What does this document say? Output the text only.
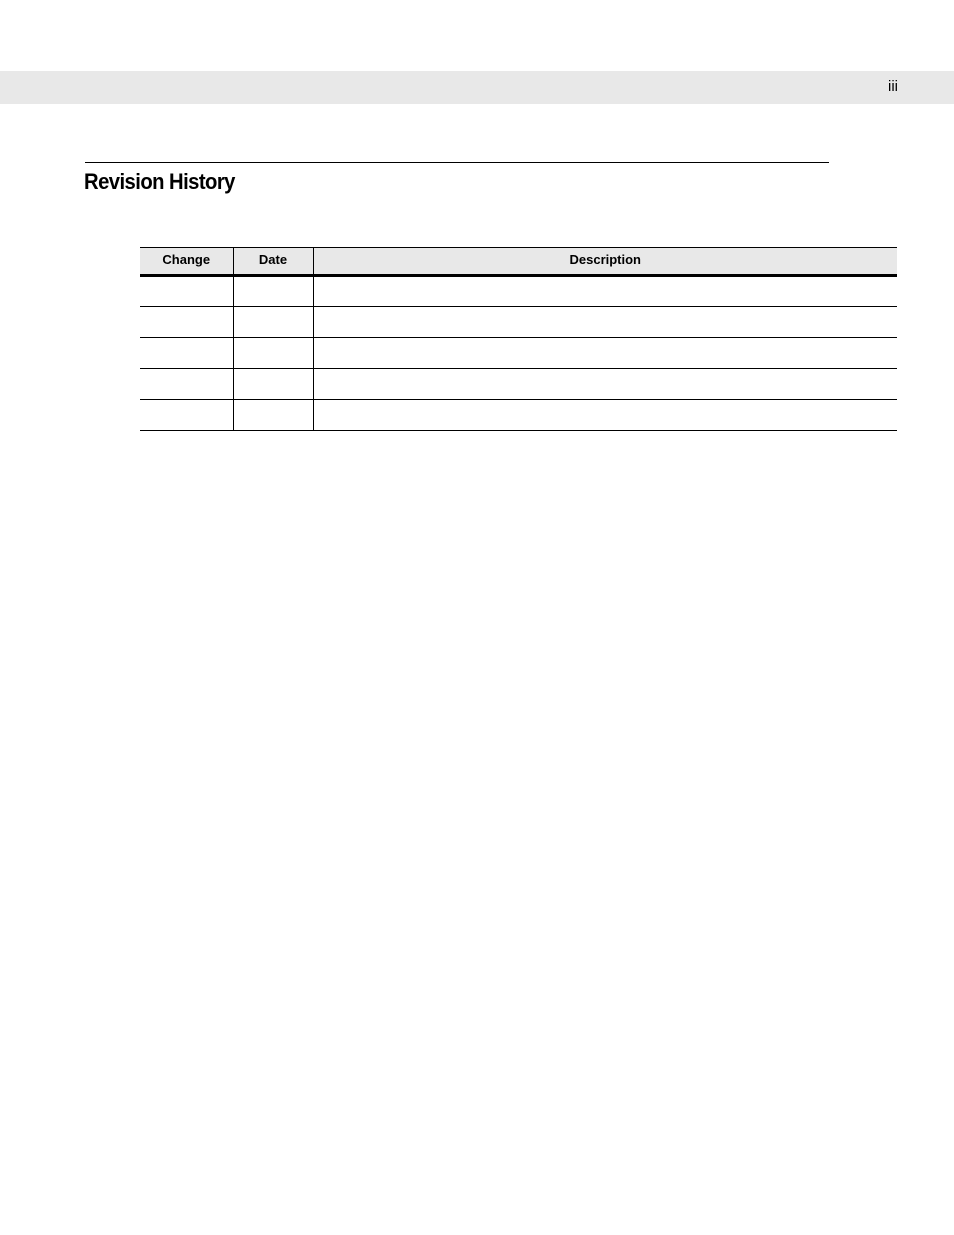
iii
Revision History
Change	Date	Description
